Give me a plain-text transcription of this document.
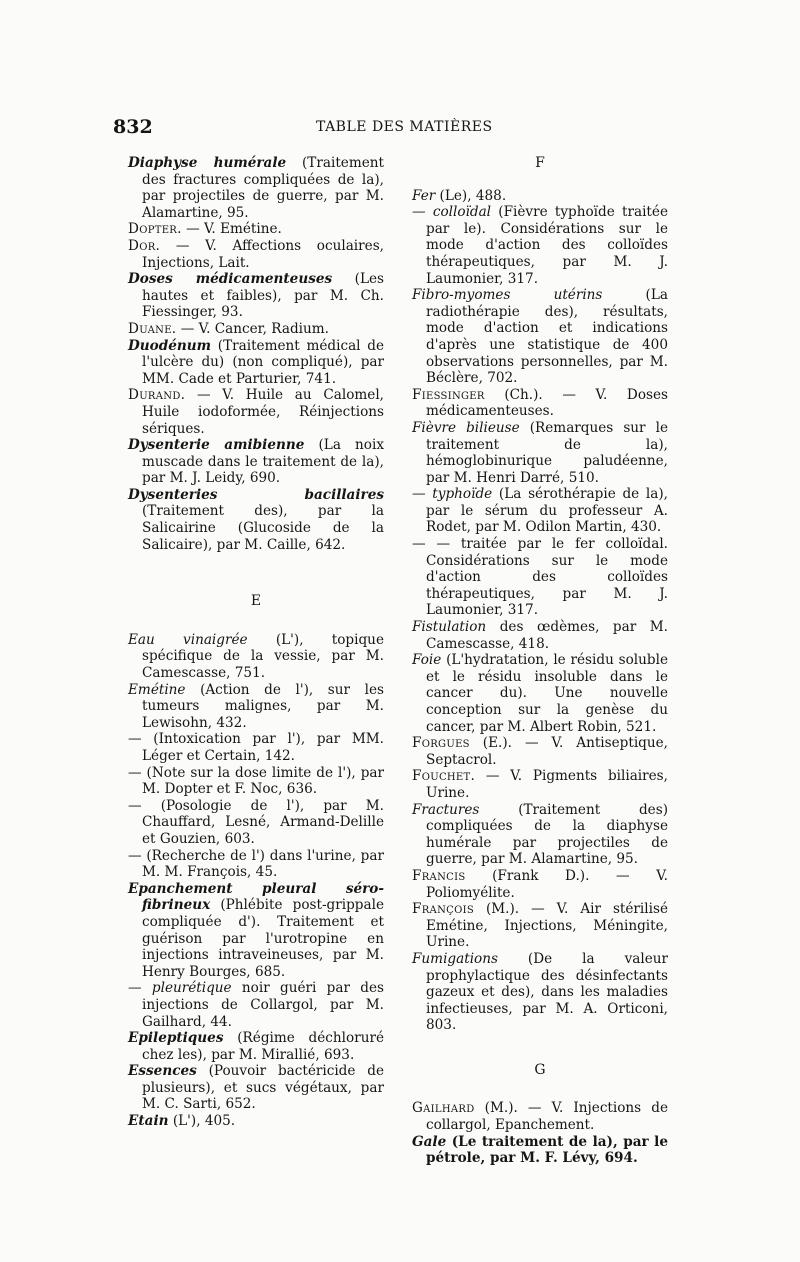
832	TABLE DES MATIÈRES
Diaphyse humérale (Traitement des fractures compliquées de la), par projectiles de guerre, par M. Alamartine, 95.
Dopter. — V. Emétine.
Dor. — V. Affections oculaires, Injections, Lait.
Doses médicamenteuses (Les hautes et faibles), par M. Ch. Fiessinger, 93.
Duane. — V. Cancer, Radium.
Duodénum (Traitement médical de l'ulcère du) (non compliqué), par MM. Cade et Parturier, 741.
Durand. — V. Huile au Calomel, Huile iodoformée, Réinjections sériques.
Dysenterie amibienne (La noix muscade dans le traitement de la), par M. J. Leidy, 690.
Dysenteries bacillaires (Traitement des), par la Salicairine (Glucoside de la Salicaire), par M. Caille, 642.
E
Eau vinaigrée (L'), topique spécifique de la vessie, par M. Camescasse, 751.
Emétine (Action de l'), sur les tumeurs malignes, par M. Lewisohn, 432.
— (Intoxication par l'), par MM. Léger et Certain, 142.
— (Note sur la dose limite de l'), par M. Dopter et F. Noc, 636.
— (Posologie de l'), par M. Chauffard, Lesné, Armand-Delille et Gouzien, 603.
— (Recherche de l') dans l'urine, par M. M. François, 45.
Epanchement pleural séro-fibrineux (Phlébite post-grippale compliquée d'). Traitement et guérison par l'urotropine en injections intraveineuses, par M. Henry Bourges, 685.
— pleurétique noir guéri par des injections de Collargol, par M. Gailhard, 44.
Epileptiques (Régime déchloruré chez les), par M. Mirallié, 693.
Essences (Pouvoir bactéricide de plusieurs), et sucs végétaux, par M. C. Sarti, 652.
Etain (L'), 405.
F
Fer (Le), 488.
— colloïdal (Fièvre typhoïde traitée par le). Considérations sur le mode d'action des colloïdes thérapeutiques, par M. J. Laumonier, 317.
Fibro-myomes utérins (La radiothérapie des), résultats, mode d'action et indications d'après une statistique de 400 observations personnelles, par M. Béclère, 702.
Fiessinger (Ch.). — V. Doses médicamenteuses.
Fièvre bilieuse (Remarques sur le traitement de la), hémoglobinurique paludéenne, par M. Henri Darré, 510.
— typhoïde (La sérothérapie de la), par le sérum du professeur A. Rodet, par M. Odilon Martin, 430.
— — traitée par le fer colloïdal. Considérations sur le mode d'action des colloïdes thérapeutiques, par M. J. Laumonier, 317.
Fistulation des œdèmes, par M. Camescasse, 418.
Foie (L'hydratation, le résidu soluble et le résidu insoluble dans le cancer du). Une nouvelle conception sur la genèse du cancer, par M. Albert Robin, 521.
Forgues (E.). — V. Antiseptique, Septacrol.
Fouchet. — V. Pigments biliaires, Urine.
Fractures (Traitement des) compliquées de la diaphyse humérale par projectiles de guerre, par M. Alamartine, 95.
Francis (Frank D.). — V. Poliomyélite.
François (M.). — V. Air stérilisé Emétine, Injections, Méningite, Urine.
Fumigations (De la valeur prophylactique des désinfectants gazeux et des), dans les maladies infectieuses, par M. A. Orticoni, 803.
G
Gailhard (M.). — V. Injections de collargol, Epanchement.
Gale (Le traitement de la), par le pétrole, par M. F. Lévy, 694.
